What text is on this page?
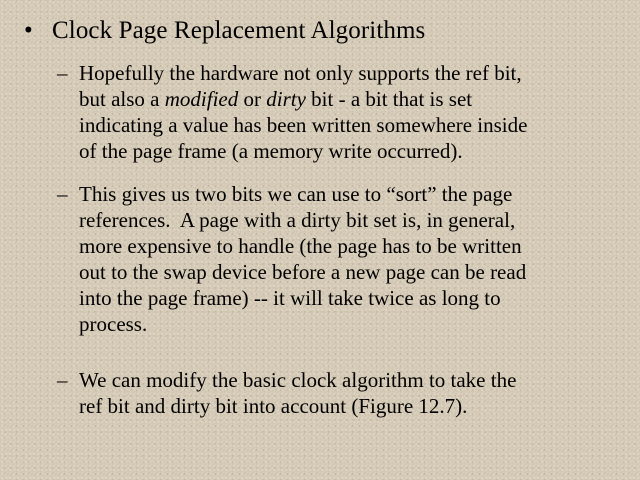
• Clock Page Replacement Algorithms
– Hopefully the hardware not only supports the ref bit,

but also a modified or dirty bit - a bit that is set

indicating a value has been written somewhere inside

of the page frame (a memory write occurred).

– This gives us two bits we can use to “sort” the page

references.  A page with a dirty bit set is, in general,

more expensive to handle (the page has to be written

out to the swap device before a new page can be read

into the page frame) -- it will take twice as long to

process.

– We can modify the basic clock algorithm to take the

ref bit and dirty bit into account (Figure 12.7).
